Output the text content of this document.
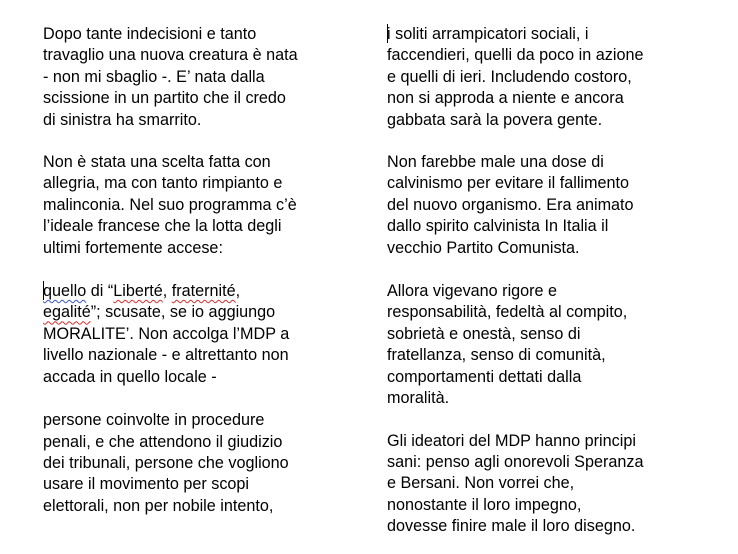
Dopo tante indecisioni e tanto
travaglio una nuova creatura è nata
- non mi sbaglio -. E’ nata dalla
scissione in un partito che il credo
di sinistra ha smarrito.

Non è stata una scelta fatta con
allegria, ma con tanto rimpianto e
malinconia. Nel suo programma c’è
l’ideale francese che la lotta degli
ultimi fortemente accese:

quello di “Liberté, fraternité,
egalité”; scusate, se io aggiungo
MORALITE’. Non accolga l’MDP a
livello nazionale - e altrettanto non
accada in quello locale -

persone coinvolte in procedure
penali, e che attendono il giudizio
dei tribunali, persone che vogliono
usare il movimento per scopi
elettorali, non per nobile intento,

i soliti arrampicatori sociali, i
faccendieri, quelli da poco in azione
e quelli di ieri. Includendo costoro,
non si approda a niente e ancora
gabbata sarà la povera gente.

Non farebbe male una dose di
calvinismo per evitare il fallimento
del nuovo organismo. Era animato
dallo spirito calvinista In Italia il
vecchio Partito Comunista.

Allora vigevano rigore e
responsabilità, fedeltà al compito,
sobrietà e onestà, senso di
fratellanza, senso di comunità,
comportamenti dettati dalla
moralità.

Gli ideatori del MDP hanno principi
sani: penso agli onorevoli Speranza
e Bersani. Non vorrei che,
nonostante il loro impegno,
dovesse finire male il loro disegno.
